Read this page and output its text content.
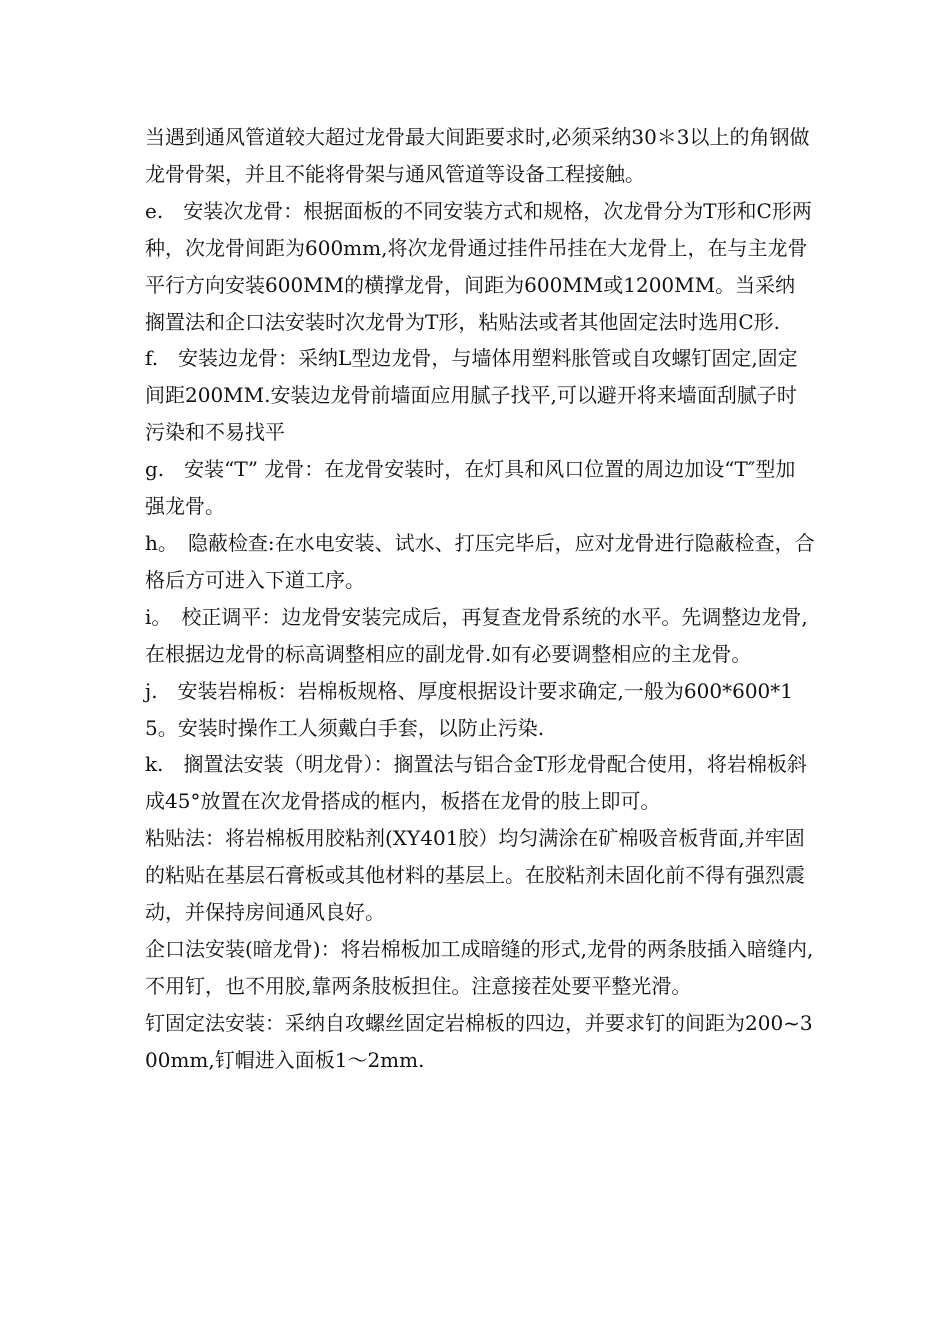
当遇到通风管道较大超过龙骨最大间距要求时,必须采纳30＊3以上的角钢做龙骨骨架，并且不能将骨架与通风管道等设备工程接触。

e.　安装次龙骨：根据面板的不同安装方式和规格，次龙骨分为T形和C形两种，次龙骨间距为600mm,将次龙骨通过挂件吊挂在大龙骨上，在与主龙骨平行方向安装600MM的横撑龙骨，间距为600MM或1200MM。当采纳搁置法和企口法安装时次龙骨为T形，粘贴法或者其他固定法时选用C形.

f.　安装边龙骨：采纳L型边龙骨，与墙体用塑料胀管或自攻螺钉固定,固定间距200MM.安装边龙骨前墙面应用腻子找平,可以避开将来墙面刮腻子时污染和不易找平

g.　安装“T” 龙骨：在龙骨安装时，在灯具和风口位置的周边加设“T″型加强龙骨。

h。　隐蔽检查:在水电安装、试水、打压完毕后，应对龙骨进行隐蔽检查，合格后方可进入下道工序。

i。　校正调平：边龙骨安装完成后，再复查龙骨系统的水平。先调整边龙骨,在根据边龙骨的标高调整相应的副龙骨.如有必要调整相应的主龙骨。

j.　安装岩棉板：岩棉板规格、厚度根据设计要求确定,一般为600*600*15。安装时操作工人须戴白手套，以防止污染.

k.　搁置法安装（明龙骨）：搁置法与铝合金T形龙骨配合使用，将岩棉板斜成45°放置在次龙骨搭成的框内，板搭在龙骨的肢上即可。

粘贴法：将岩棉板用胶粘剂(XY401胶）均匀满涂在矿棉吸音板背面,并牢固的粘贴在基层石膏板或其他材料的基层上。在胶粘剂未固化前不得有强烈震动，并保持房间通风良好。

企口法安装(暗龙骨)：将岩棉板加工成暗缝的形式,龙骨的两条肢插入暗缝内,不用钉，也不用胶,靠两条肢板担住。注意接茬处要平整光滑。

钉固定法安装：采纳自攻螺丝固定岩棉板的四边，并要求钉的间距为200~300mm,钉帽进入面板1～2mm.
